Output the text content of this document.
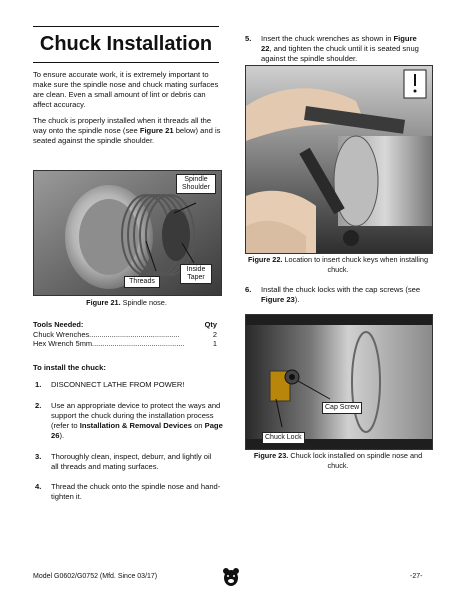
Chuck Installation
To ensure accurate work, it is extremely important to make sure the spindle nose and chuck mating surfaces are clean. Even a small amount of lint or debris can affect accuracy.
The chuck is properly installed when it threads all the way onto the spindle nose (see Figure 21 below) and is seated against the spindle shoulder.
Spindle
Shoulder
Threads
Inside
Taper
Figure 21. Spindle nose.
Tools Needed:	Qty
Chuck Wrenches ............................................	2
Hex Wrench 5mm .............................................	1
To install the chuck:
1. DISCONNECT LATHE FROM POWER!
2. Use an appropriate device to protect the ways and support the chuck during the installation process (refer to Installation & Removal Devices on Page 26).
3. Thoroughly clean, inspect, deburr, and lightly oil all threads and mating surfaces.
4. Thread the chuck onto the spindle nose and hand-tighten it.
5. Insert the chuck wrenches as shown in Figure 22, and tighten the chuck until it is seated snug against the spindle shoulder.
Figure 22. Location to insert chuck keys when installing chuck.
6. Install the chuck locks with the cap screws (see Figure 23).
Cap Screw
Chuck Lock
Figure 23. Chuck lock installed on spindle nose and chuck.
Model G0602/G0752 (Mfd. Since 03/17)	-27-
